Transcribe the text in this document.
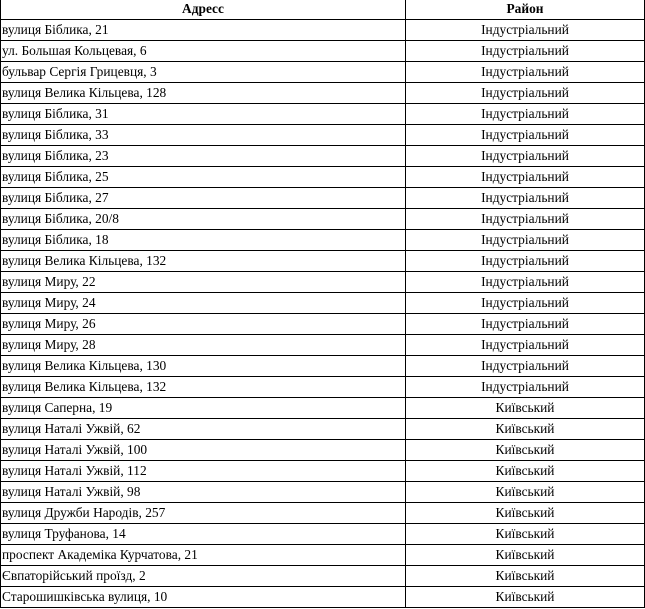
Адресс	Район
вулиця Біблика, 21	Індустріальний
ул. Большая Кольцевая, 6	Індустріальний
бульвар Сергія Грицевця, 3	Індустріальний
вулиця Велика Кільцева, 128	Індустріальний
вулиця Біблика, 31	Індустріальний
вулиця Біблика, 33	Індустріальний
вулиця Біблика, 23	Індустріальний
вулиця Біблика, 25	Індустріальний
вулиця Біблика, 27	Індустріальний
вулиця Біблика, 20/8	Індустріальний
вулиця Біблика, 18	Індустріальний
вулиця Велика Кільцева, 132	Індустріальний
вулиця Миру, 22	Індустріальний
вулиця Миру, 24	Індустріальний
вулиця Миру, 26	Індустріальний
вулиця Миру, 28	Індустріальний
вулиця Велика Кільцева, 130	Індустріальний
вулиця Велика Кільцева, 132	Індустріальний
вулиця Саперна, 19	Київський
вулиця Наталі Ужвій, 62	Київський
вулиця Наталі Ужвій, 100	Київський
вулиця Наталі Ужвій, 112	Київський
вулиця Наталі Ужвій, 98	Київський
вулиця Дружби Народів, 257	Київський
вулиця Труфанова, 14	Київський
проспект Академіка Курчатова, 21	Київський
Євпаторійський проїзд, 2	Київський
Старошишківська вулиця, 10	Київський
